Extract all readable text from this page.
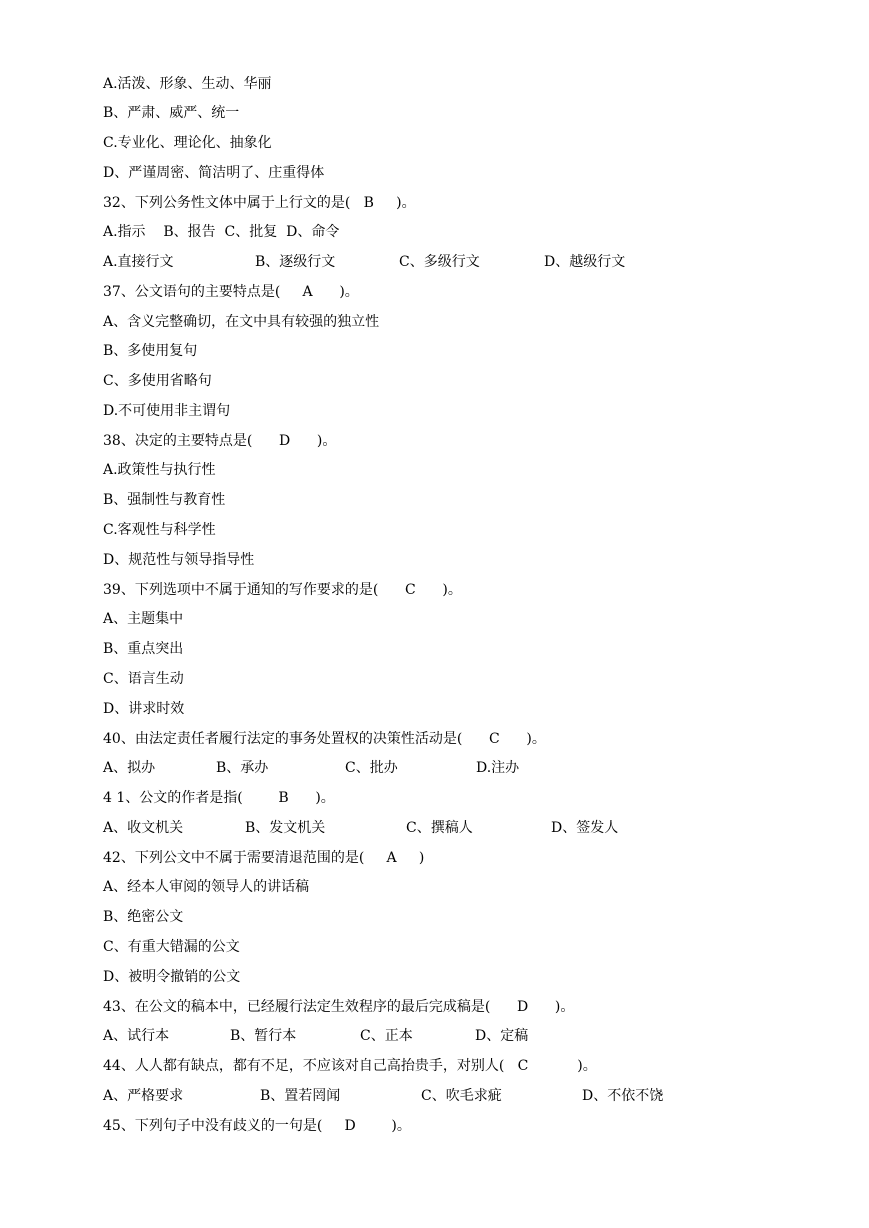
A.活泼、形象、生动、华丽

B、严肃、威严、统一

C.专业化、理论化、抽象化

D、严谨周密、简洁明了、庄重得体

32、下列公务性文体中属于上行文的是(   B     )。

A.指示    B、报告  C、批复  D、命令

A.直接行文

	B、逐级行文

	C、多级行文

	D、越级行文

37、公文语句的主要特点是(     A      )。

A、含义完整确切，在文中具有较强的独立性

B、多使用复句

C、多使用省略句

D.不可使用非主谓句

38、决定的主要特点是(      D      )。

A.政策性与执行性

B、强制性与教育性

C.客观性与科学性

D、规范性与领导指导性

39、下列选项中不属于通知的写作要求的是(      C      )。

A、主题集中

B、重点突出

C、语言生动

D、讲求时效

40、由法定责任者履行法定的事务处置权的决策性活动是(      C      )。

A、拟办

	B、承办

	C、批办

	D.注办

4 1、公文的作者是指(        B      )。

A、收文机关

	B、发文机关

	C、撰稿人

	D、签发人

42、下列公文中不属于需要清退范围的是(     A     )

A、经本人审阅的领导人的讲话稿

B、绝密公文

C、有重大错漏的公文

D、被明令撤销的公文

43、在公文的稿本中，已经履行法定生效程序的最后完成稿是(      D      )。

A、试行本

	B、暂行本

	C、正本

	D、定稿

44、人人都有缺点，都有不足，不应该对自己高抬贵手，对别人(   C           )。

A、严格要求

	B、置若罔闻

	C、吹毛求疵

	D、不依不饶

45、下列句子中没有歧义的一句是(     D        )。
